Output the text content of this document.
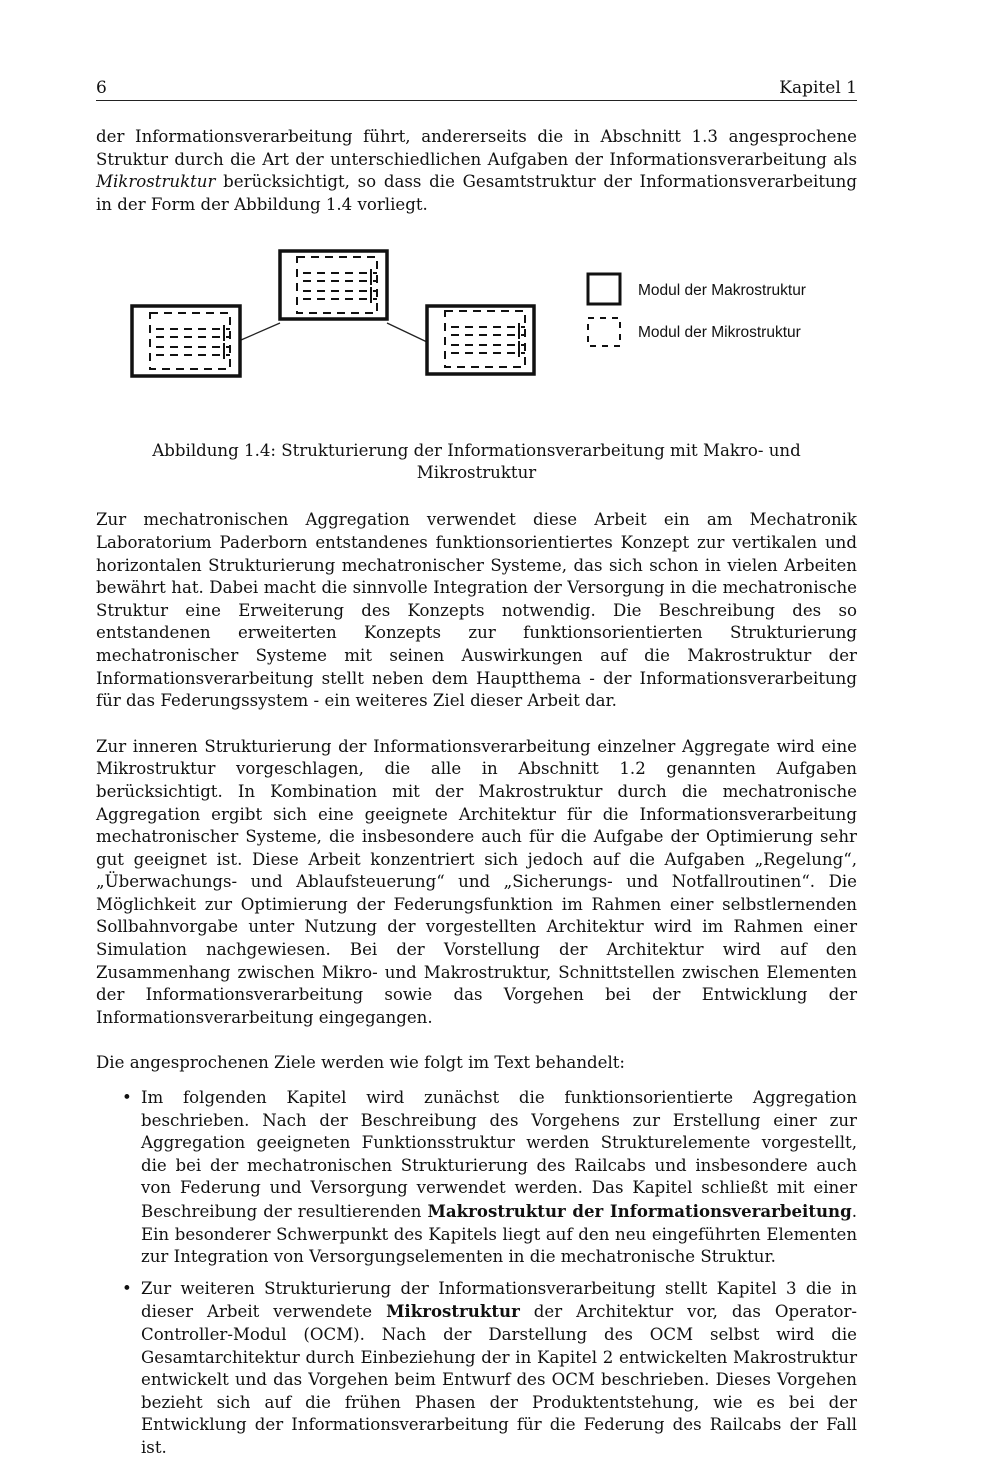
6	Kapitel 1

der Informationsverarbeitung führt, andererseits die in Abschnitt 1.3 angesprochene Struktur durch die Art der unterschiedlichen Aufgaben der Informationsverarbeitung als Mikrostruktur berücksichtigt, so dass die Gesamtstruktur der Informationsverarbeitung in der Form der Abbildung 1.4 vorliegt.

Modul der Makrostruktur
Modul der Mikrostruktur
Abbildung 1.4: Strukturierung der Informationsverarbeitung mit Makro- und Mikrostruktur

Zur mechatronischen Aggregation verwendet diese Arbeit ein am Mechatronik Laboratorium Paderborn entstandenes funktionsorientiertes Konzept zur vertikalen und horizontalen Strukturierung mechatronischer Systeme, das sich schon in vielen Arbeiten bewährt hat. Dabei macht die sinnvolle Integration der Versorgung in die mechatronische Struktur eine Erweiterung des Konzepts notwendig. Die Beschreibung des so entstandenen erweiterten Konzepts zur funktionsorientierten Strukturierung mechatronischer Systeme mit seinen Auswirkungen auf die Makrostruktur der Informationsverarbeitung stellt neben dem Hauptthema - der Informationsverarbeitung für das Federungssystem - ein weiteres Ziel dieser Arbeit dar.

Zur inneren Strukturierung der Informationsverarbeitung einzelner Aggregate wird eine Mikrostruktur vorgeschlagen, die alle in Abschnitt 1.2 genannten Aufgaben berücksichtigt. In Kombination mit der Makrostruktur durch die mechatronische Aggregation ergibt sich eine geeignete Architektur für die Informationsverarbeitung mechatronischer Systeme, die insbesondere auch für die Aufgabe der Optimierung sehr gut geeignet ist. Diese Arbeit konzentriert sich jedoch auf die Aufgaben „Regelung“, „Überwachungs- und Ablaufsteuerung“ und „Sicherungs- und Notfallroutinen“. Die Möglichkeit zur Optimierung der Federungsfunktion im Rahmen einer selbstlernenden Sollbahnvorgabe unter Nutzung der vorgestellten Architektur wird im Rahmen einer Simulation nachgewiesen. Bei der Vorstellung der Architektur wird auf den Zusammenhang zwischen Mikro- und Makrostruktur, Schnittstellen zwischen Elementen der Informationsverarbeitung sowie das Vorgehen bei der Entwicklung der Informationsverarbeitung eingegangen.

Die angesprochenen Ziele werden wie folgt im Text behandelt:

• Im folgenden Kapitel wird zunächst die funktionsorientierte Aggregation beschrieben. Nach der Beschreibung des Vorgehens zur Erstellung einer zur Aggregation geeigneten Funktionsstruktur werden Strukturelemente vorgestellt, die bei der mechatronischen Strukturierung des Railcabs und insbesondere auch von Federung und Versorgung verwendet werden. Das Kapitel schließt mit einer Beschreibung der resultierenden Makrostruktur der Informationsverarbeitung. Ein besonderer Schwerpunkt des Kapitels liegt auf den neu eingeführten Elementen zur Integration von Versorgungselementen in die mechatronische Struktur.
• Zur weiteren Strukturierung der Informationsverarbeitung stellt Kapitel 3 die in dieser Arbeit verwendete Mikrostruktur der Architektur vor, das Operator-Controller-Modul (OCM). Nach der Darstellung des OCM selbst wird die Gesamtarchitektur durch Einbeziehung der in Kapitel 2 entwickelten Makrostruktur entwickelt und das Vorgehen beim Entwurf des OCM beschrieben. Dieses Vorgehen bezieht sich auf die frühen Phasen der Produktentstehung, wie es bei der Entwicklung der Informationsverarbeitung für die Federung des Railcabs der Fall ist.
